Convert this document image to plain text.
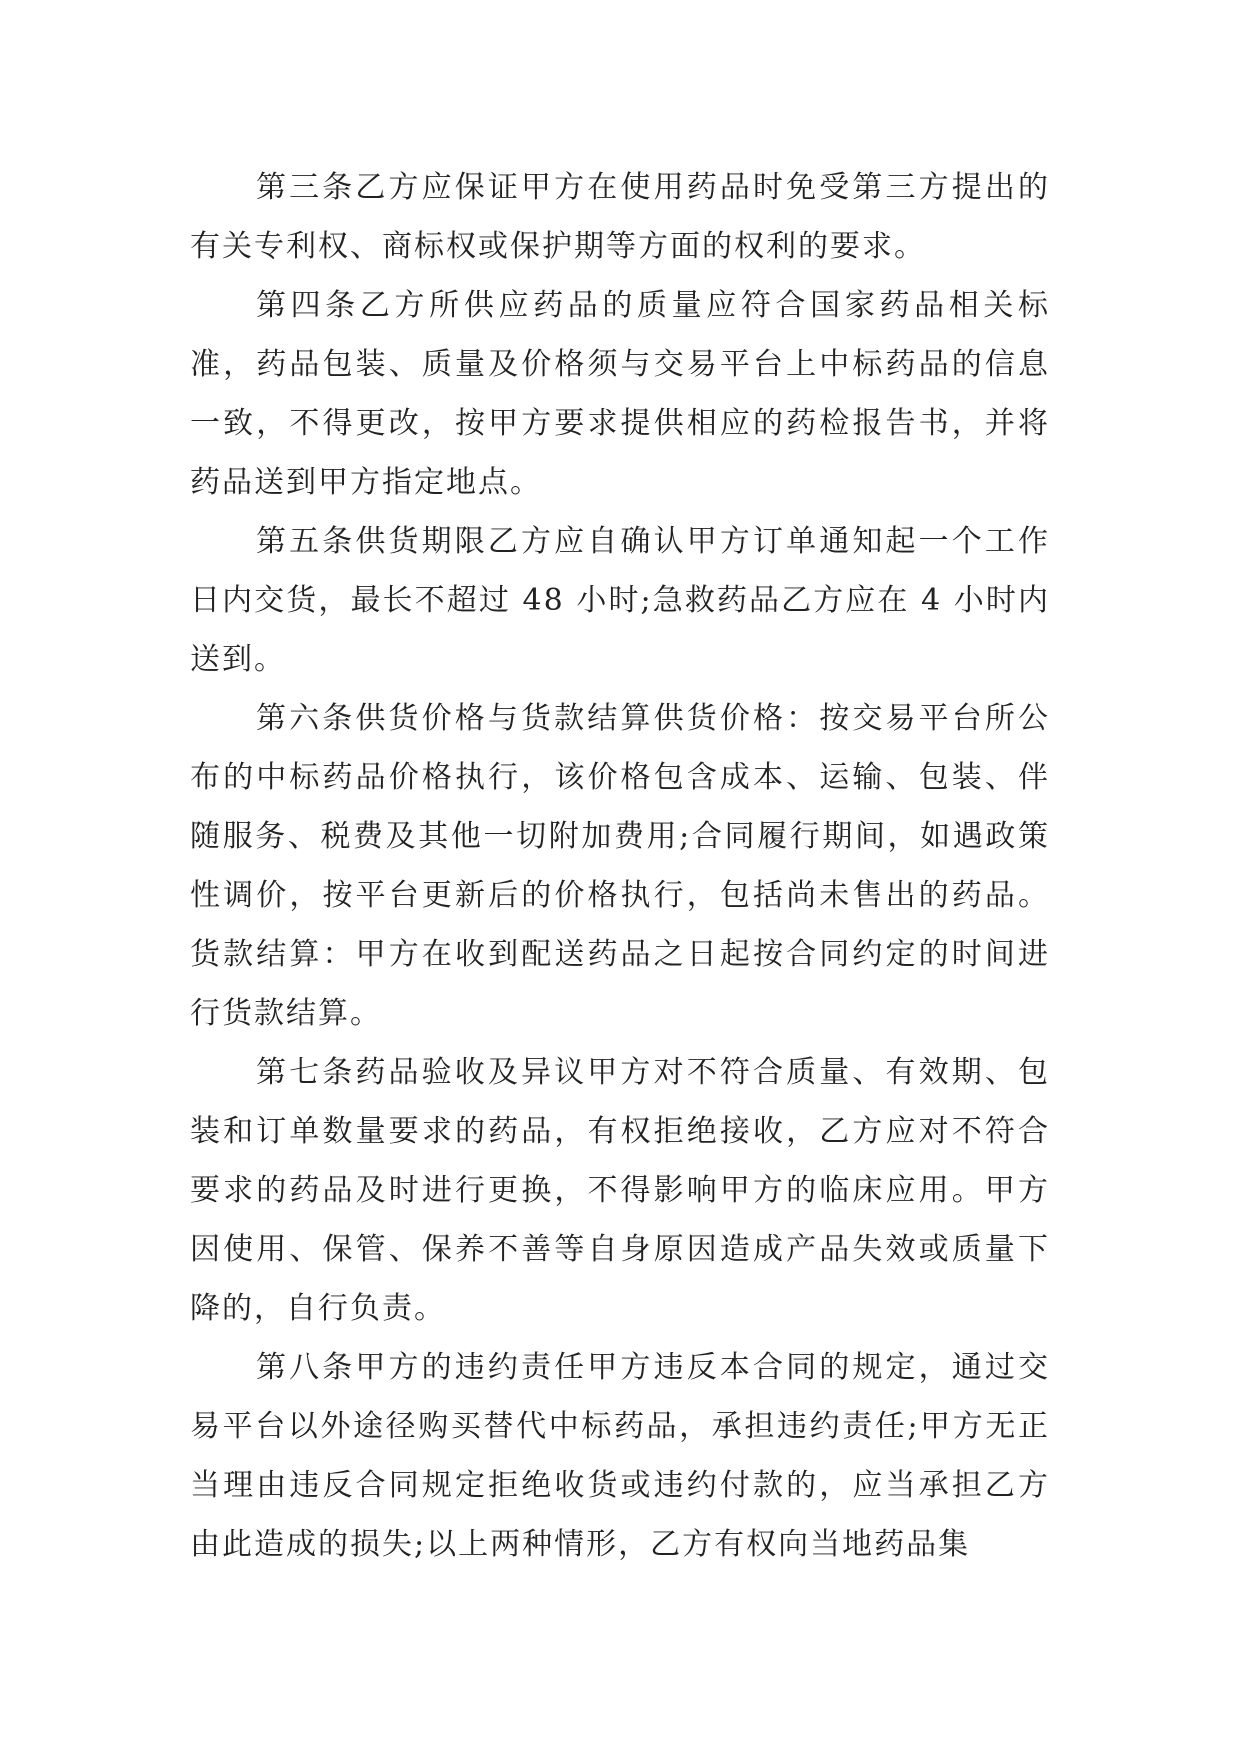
第三条乙方应保证甲方在使用药品时免受第三方提出的有关专利权、商标权或保护期等方面的权利的要求。

第四条乙方所供应药品的质量应符合国家药品相关标准，药品包装、质量及价格须与交易平台上中标药品的信息一致，不得更改，按甲方要求提供相应的药检报告书，并将药品送到甲方指定地点。

第五条供货期限乙方应自确认甲方订单通知起一个工作日内交货，最长不超过 48 小时;急救药品乙方应在 4 小时内送到。

第六条供货价格与货款结算供货价格：按交易平台所公布的中标药品价格执行，该价格包含成本、运输、包装、伴随服务、税费及其他一切附加费用;合同履行期间，如遇政策性调价，按平台更新后的价格执行，包括尚未售出的药品。货款结算：甲方在收到配送药品之日起按合同约定的时间进行货款结算。

第七条药品验收及异议甲方对不符合质量、有效期、包装和订单数量要求的药品，有权拒绝接收，乙方应对不符合要求的药品及时进行更换，不得影响甲方的临床应用。甲方因使用、保管、保养不善等自身原因造成产品失效或质量下降的，自行负责。

第八条甲方的违约责任甲方违反本合同的规定，通过交易平台以外途径购买替代中标药品，承担违约责任;甲方无正当理由违反合同规定拒绝收货或违约付款的，应当承担乙方由此造成的损失;以上两种情形，乙方有权向当地药品集
